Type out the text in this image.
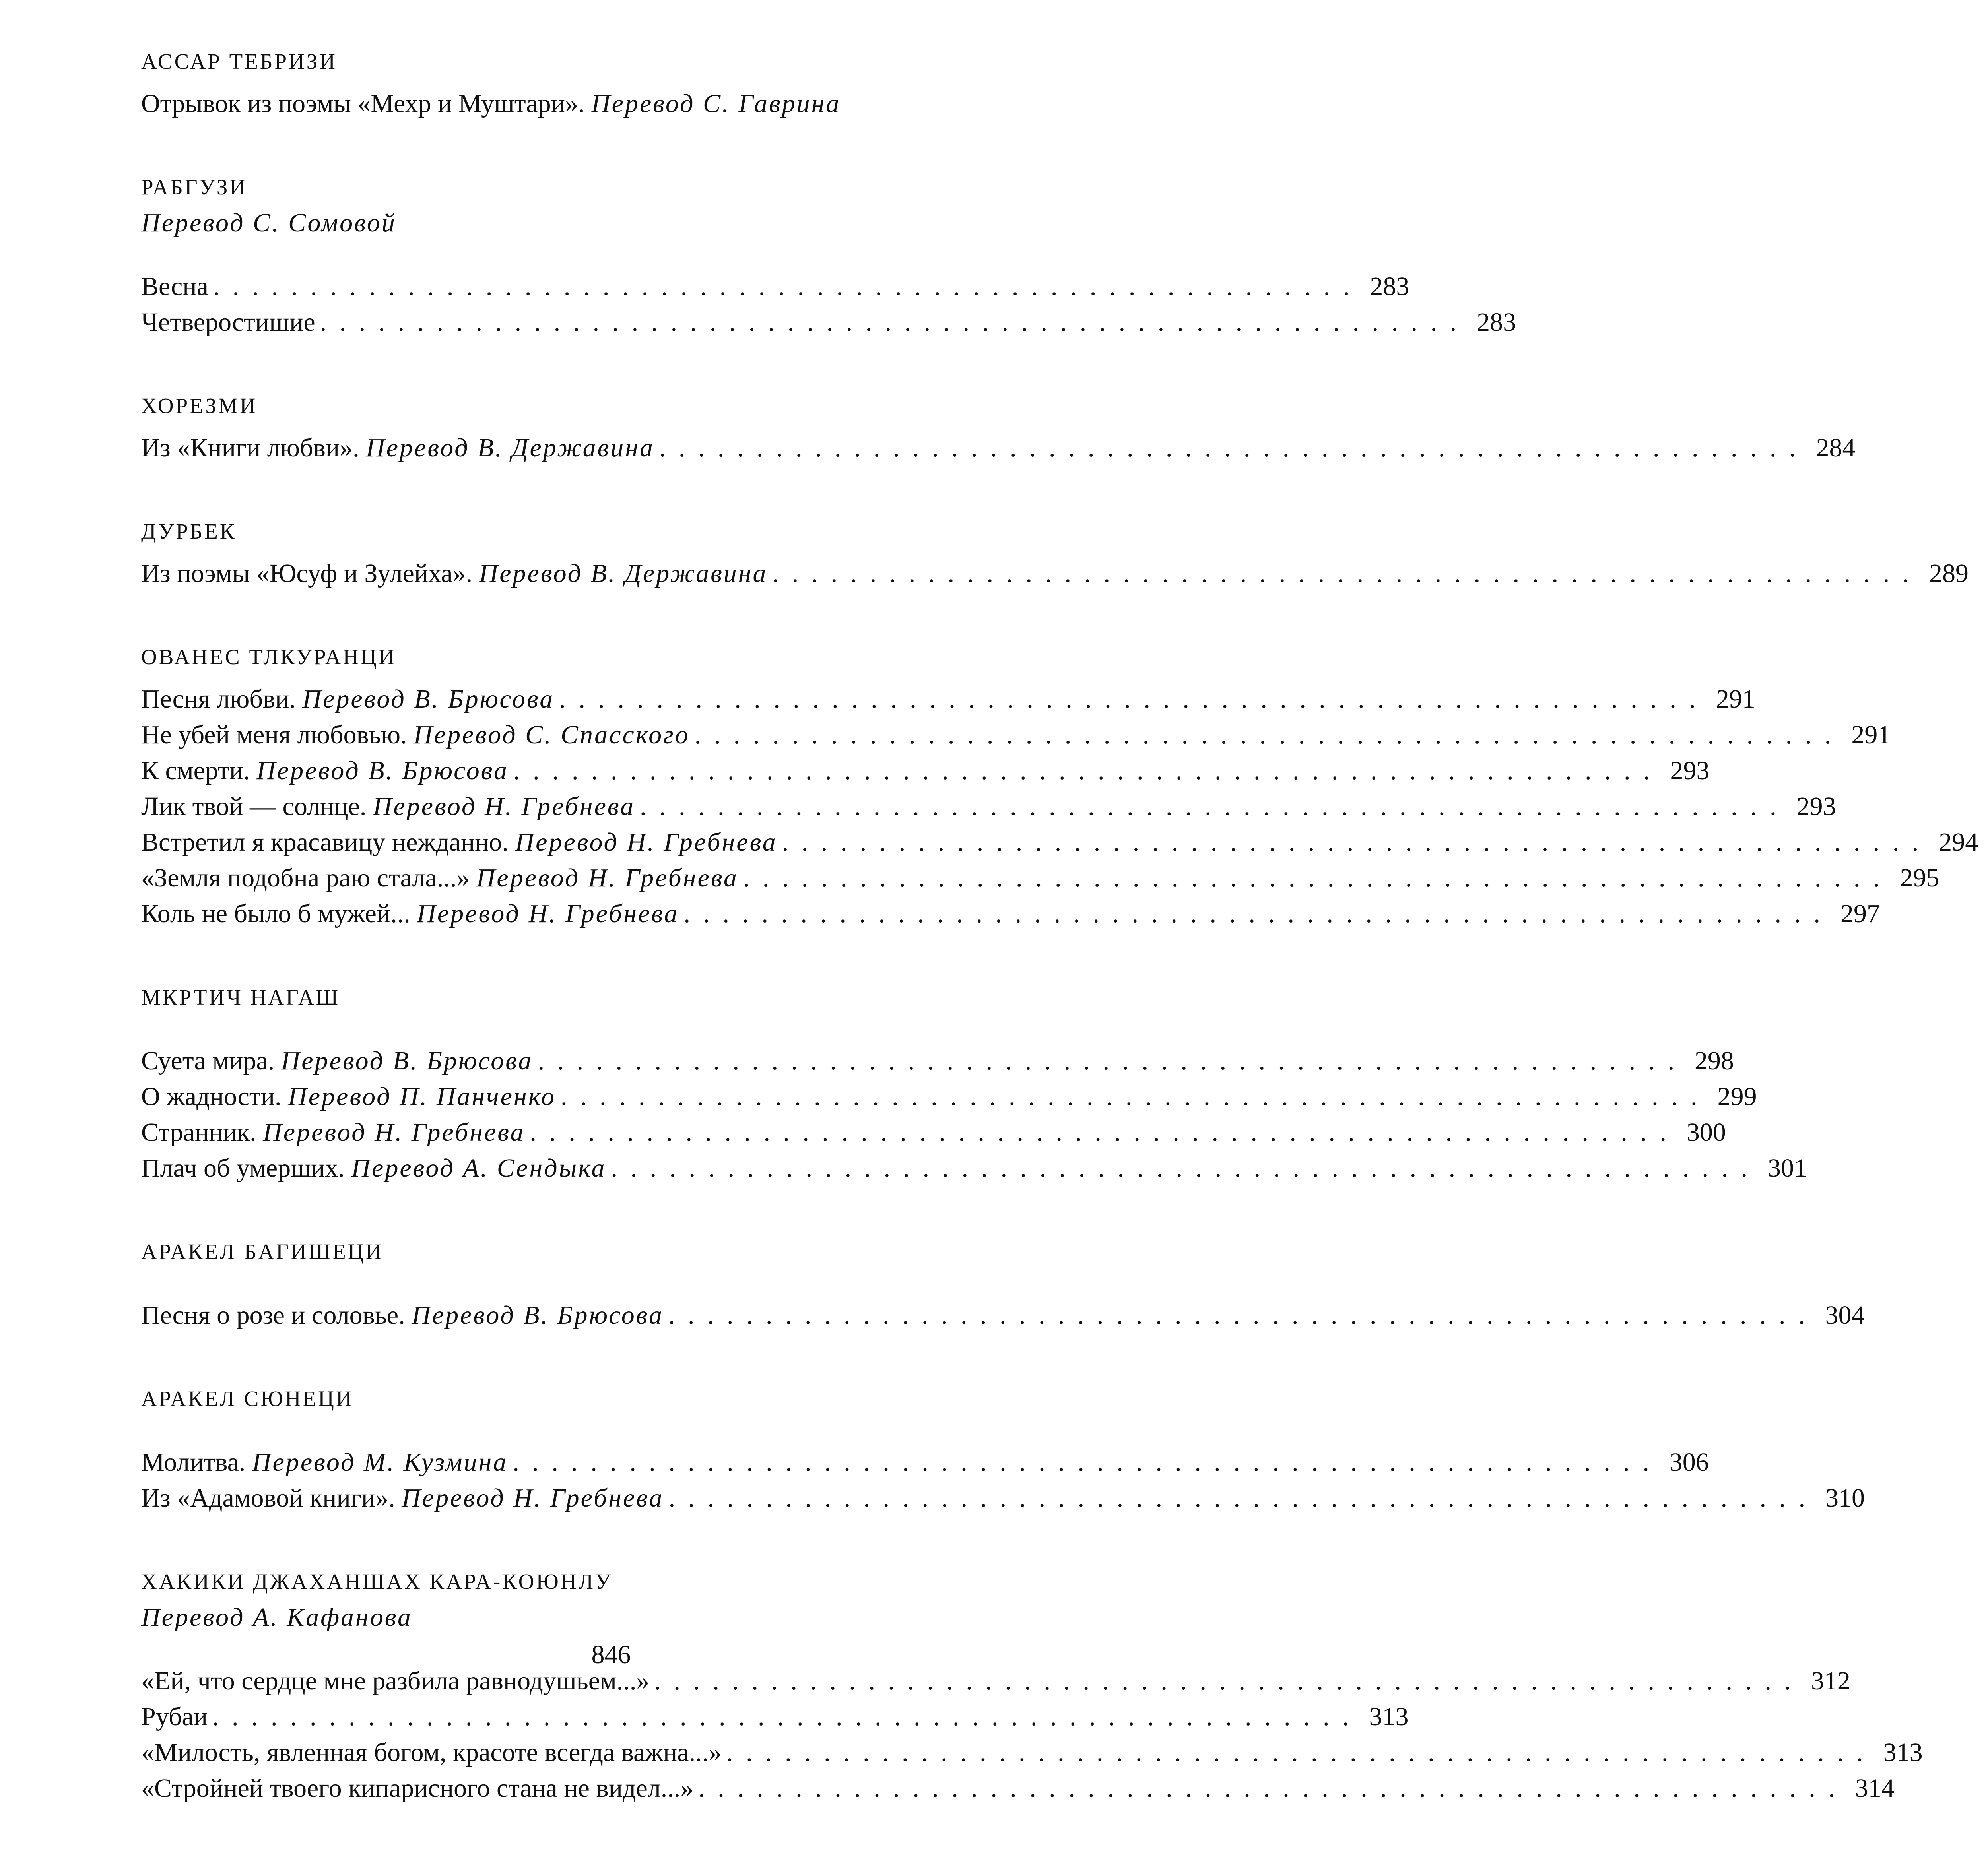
АССАР ТЕБРИЗИ
Отрывок из поэмы «Мехр и Муштари». Перевод С. Гаврина
РАБГУЗИ
Перевод С. Сомовой
Весна . . .	283
Четверостишие . . .	283
ХОРЕЗМИ
Из «Книги любви». Перевод В. Державина . . .	284
ДУРБЕК
Из поэмы «Юсуф и Зулейха». Перевод В. Державина . . .	289
ОВАНЕС ТЛКУРАНЦИ
Песня любви. Перевод В. Брюсова . . .	291
Не убей меня любовью. Перевод С. Спасского . . .	291
К смерти. Перевод В. Брюсова . . .	293
Лик твой — солнце. Перевод Н. Гребнева . . .	293
Встретил я красавицу нежданно. Перевод Н. Гребнева . . .	294
«Земля подобна раю стала...» Перевод Н. Гребнева . . .	295
Коль не было б мужей... Перевод Н. Гребнева . . .	297
МКРТИЧ НАГАШ
Суета мира. Перевод В. Брюсова . . .	298
О жадности. Перевод П. Панченко . . .	299
Странник. Перевод Н. Гребнева . . .	300
Плач об умерших. Перевод А. Сендыка . . .	301
АРАКЕЛ БАГИШЕЦИ
Песня о розе и соловье. Перевод В. Брюсова . . .	304
АРАКЕЛ СЮНЕЦИ
Молитва. Перевод М. Кузмина . . .	306
Из «Адамовой книги». Перевод Н. Гребнева . . .	310
ХАКИКИ ДЖАХАНШАХ КАРА-КОЮНЛУ
Перевод А. Кафанова
«Ей, что сердце мне разбила равнодушьем...» . . .	312
Рубаи . . .	313
«Милость, явленная богом, красоте всегда важна...» . . .	313
«Стройней твоего кипарисного стана не видел...» . . .	314
846
